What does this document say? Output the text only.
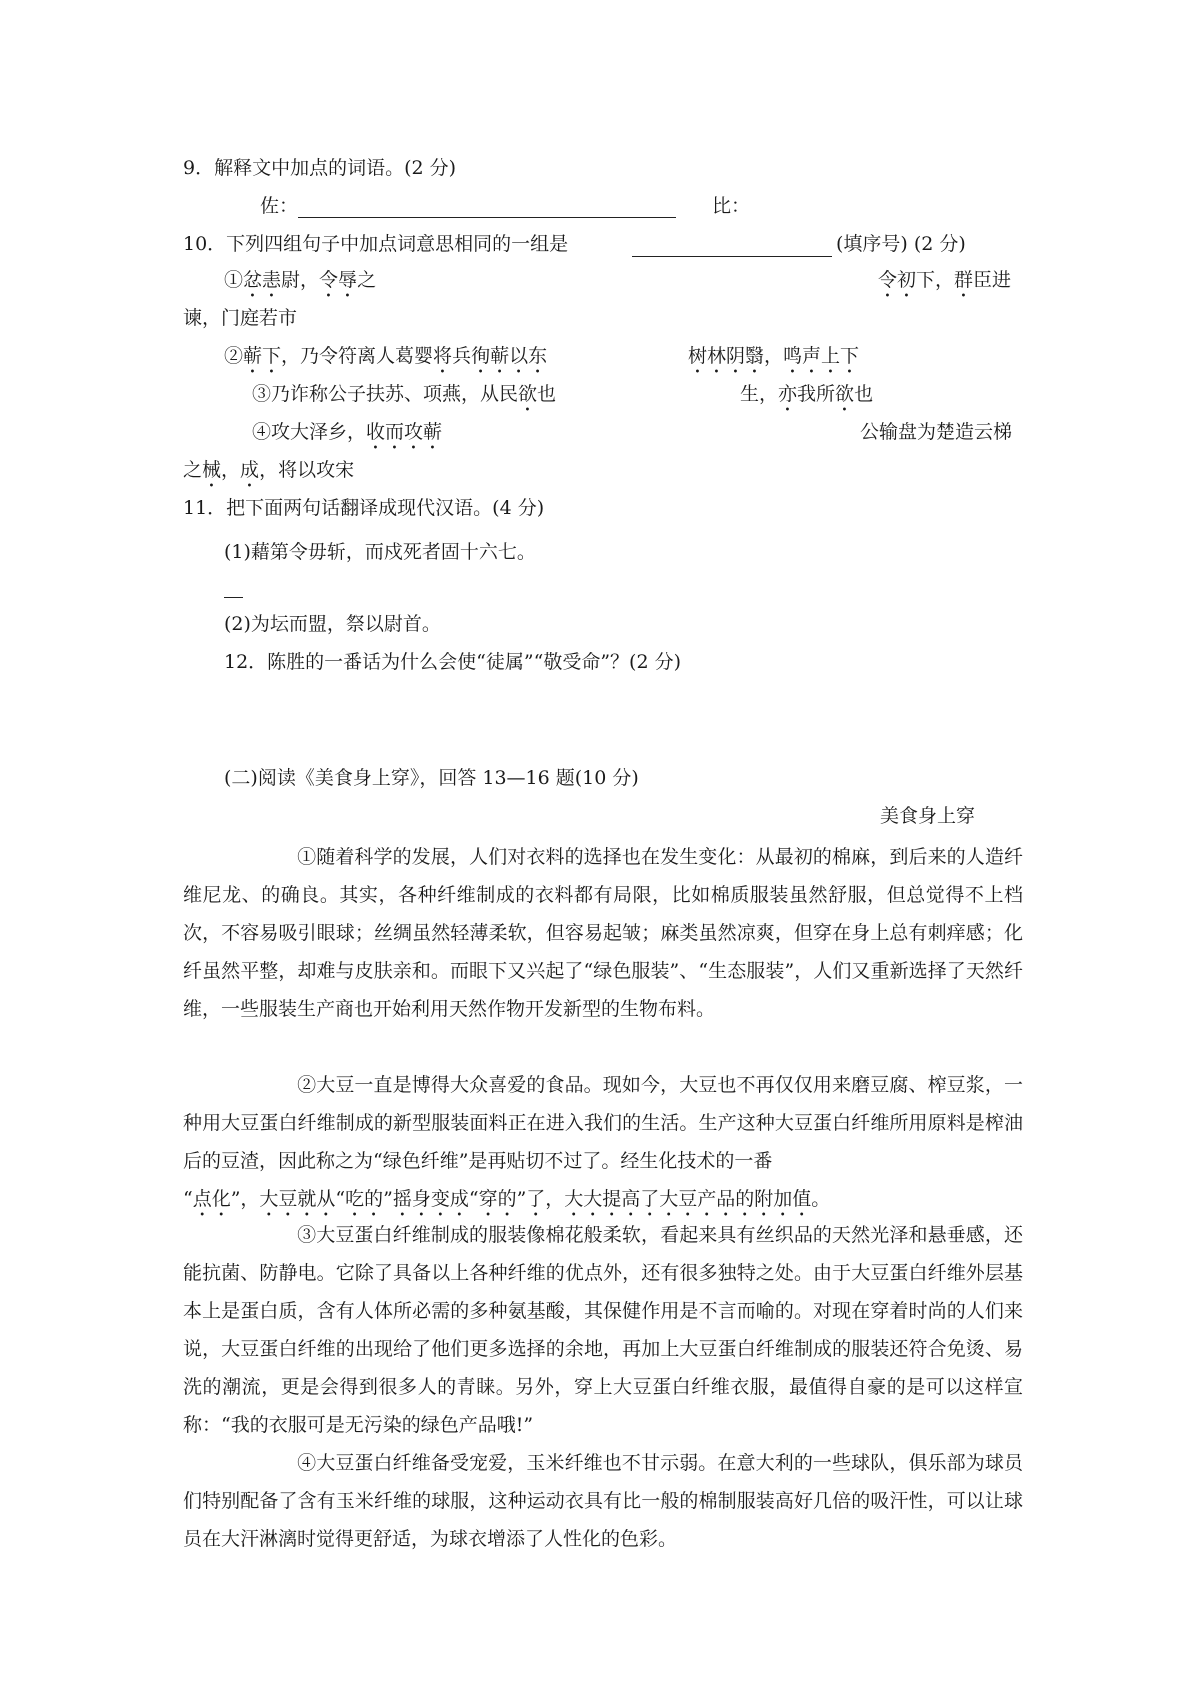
9．解释文中加点的词语。(2 分)
佐：	比：
10．下列四组句子中加点词意思相同的一组是	(填序号) (2 分)
①忿恚尉，令辱之	令初下，群臣进
谏，门庭若市
②蕲下，乃令符离人葛婴将兵徇蕲以东	树林阴翳，鸣声上下
③乃诈称公子扶苏、项燕，从民欲也	生，亦我所欲也
④攻大泽乡，收而攻蕲	公输盘为楚造云梯
之械，成，将以攻宋
11．把下面两句话翻译成现代汉语。(4 分)
(1)藉第令毋斩，而戍死者固十六七。
(2)为坛而盟，祭以尉首。
12．陈胜的一番话为什么会使“徒属”“敬受命”？(2 分)
(二)阅读《美食身上穿》，回答 13—16 题(10 分)
美食身上穿

①随着科学的发展，人们对衣料的选择也在发生变化：从最初的棉麻，到后来的人造纤维尼龙、的确良。其实，各种纤维制成的衣料都有局限，比如棉质服装虽然舒服，但总觉得不上档次，不容易吸引眼球；丝绸虽然轻薄柔软，但容易起皱；麻类虽然凉爽，但穿在身上总有刺痒感；化纤虽然平整，却难与皮肤亲和。而眼下又兴起了“绿色服装”、“生态服装”，人们又重新选择了天然纤维，一些服装生产商也开始利用天然作物开发新型的生物布料。

②大豆一直是博得大众喜爱的食品。现如今，大豆也不再仅仅用来磨豆腐、榨豆浆，一种用大豆蛋白纤维制成的新型服装面料正在进入我们的生活。生产这种大豆蛋白纤维所用原料是榨油后的豆渣，因此称之为“绿色纤维”是再贴切不过了。经生化技术的一番
“点化”，大豆就从“吃的”摇身变成“穿的”了，大大提高了大豆产品的附加值。

③大豆蛋白纤维制成的服装像棉花般柔软，看起来具有丝织品的天然光泽和悬垂感，还能抗菌、防静电。它除了具备以上各种纤维的优点外，还有很多独特之处。由于大豆蛋白纤维外层基本上是蛋白质，含有人体所必需的多种氨基酸，其保健作用是不言而喻的。对现在穿着时尚的人们来说，大豆蛋白纤维的出现给了他们更多选择的余地，再加上大豆蛋白纤维制成的服装还符合免烫、易洗的潮流，更是会得到很多人的青睐。另外，穿上大豆蛋白纤维衣服，最值得自豪的是可以这样宣称：“我的衣服可是无污染的绿色产品哦!”

④大豆蛋白纤维备受宠爱，玉米纤维也不甘示弱。在意大利的一些球队，俱乐部为球员们特别配备了含有玉米纤维的球服，这种运动衣具有比一般的棉制服装高好几倍的吸汗性，可以让球员在大汗淋漓时觉得更舒适，为球衣增添了人性化的色彩。
